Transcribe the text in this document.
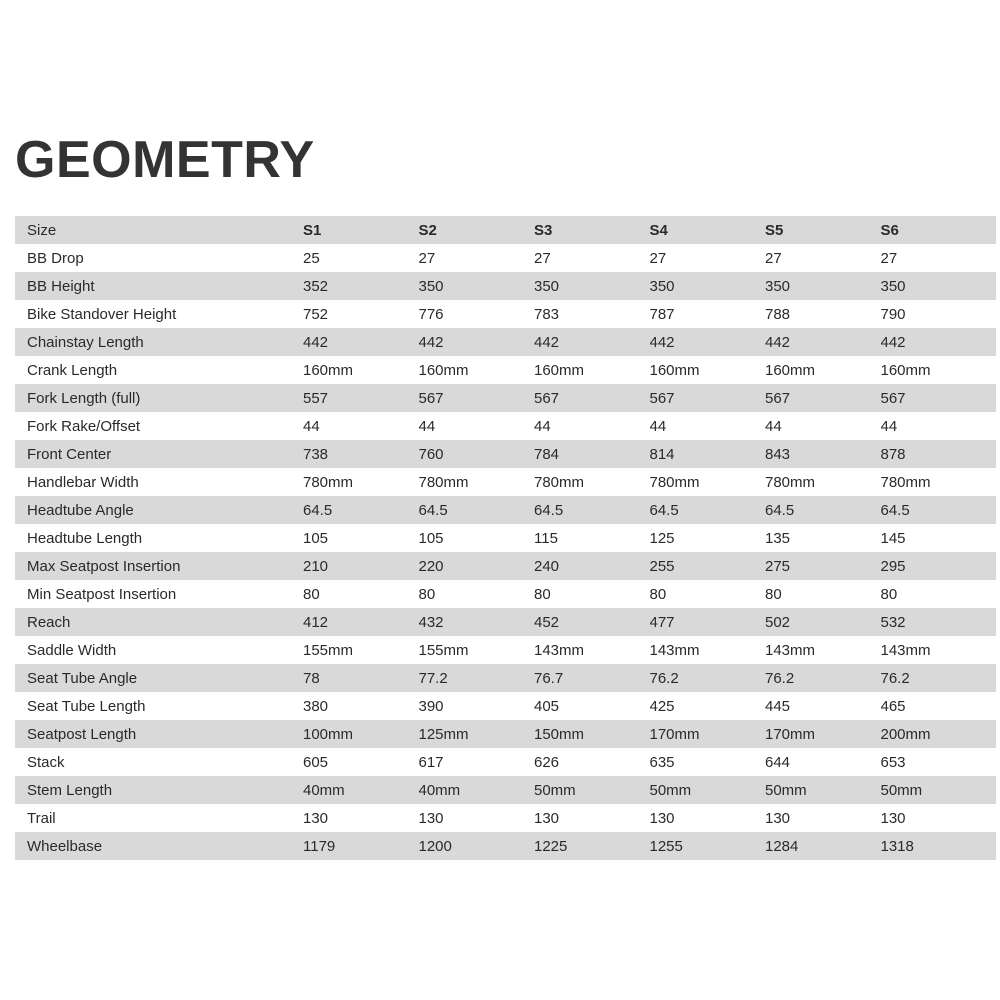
GEOMETRY
Size	S1	S2	S3	S4	S5	S6
BB Drop	25	27	27	27	27	27
BB Height	352	350	350	350	350	350
Bike Standover Height	752	776	783	787	788	790
Chainstay Length	442	442	442	442	442	442
Crank Length	160mm	160mm	160mm	160mm	160mm	160mm
Fork Length (full)	557	567	567	567	567	567
Fork Rake/Offset	44	44	44	44	44	44
Front Center	738	760	784	814	843	878
Handlebar Width	780mm	780mm	780mm	780mm	780mm	780mm
Headtube Angle	64.5	64.5	64.5	64.5	64.5	64.5
Headtube Length	105	105	115	125	135	145
Max Seatpost Insertion	210	220	240	255	275	295
Min Seatpost Insertion	80	80	80	80	80	80
Reach	412	432	452	477	502	532
Saddle Width	155mm	155mm	143mm	143mm	143mm	143mm
Seat Tube Angle	78	77.2	76.7	76.2	76.2	76.2
Seat Tube Length	380	390	405	425	445	465
Seatpost Length	100mm	125mm	150mm	170mm	170mm	200mm
Stack	605	617	626	635	644	653
Stem Length	40mm	40mm	50mm	50mm	50mm	50mm
Trail	130	130	130	130	130	130
Wheelbase	1179	1200	1225	1255	1284	1318
